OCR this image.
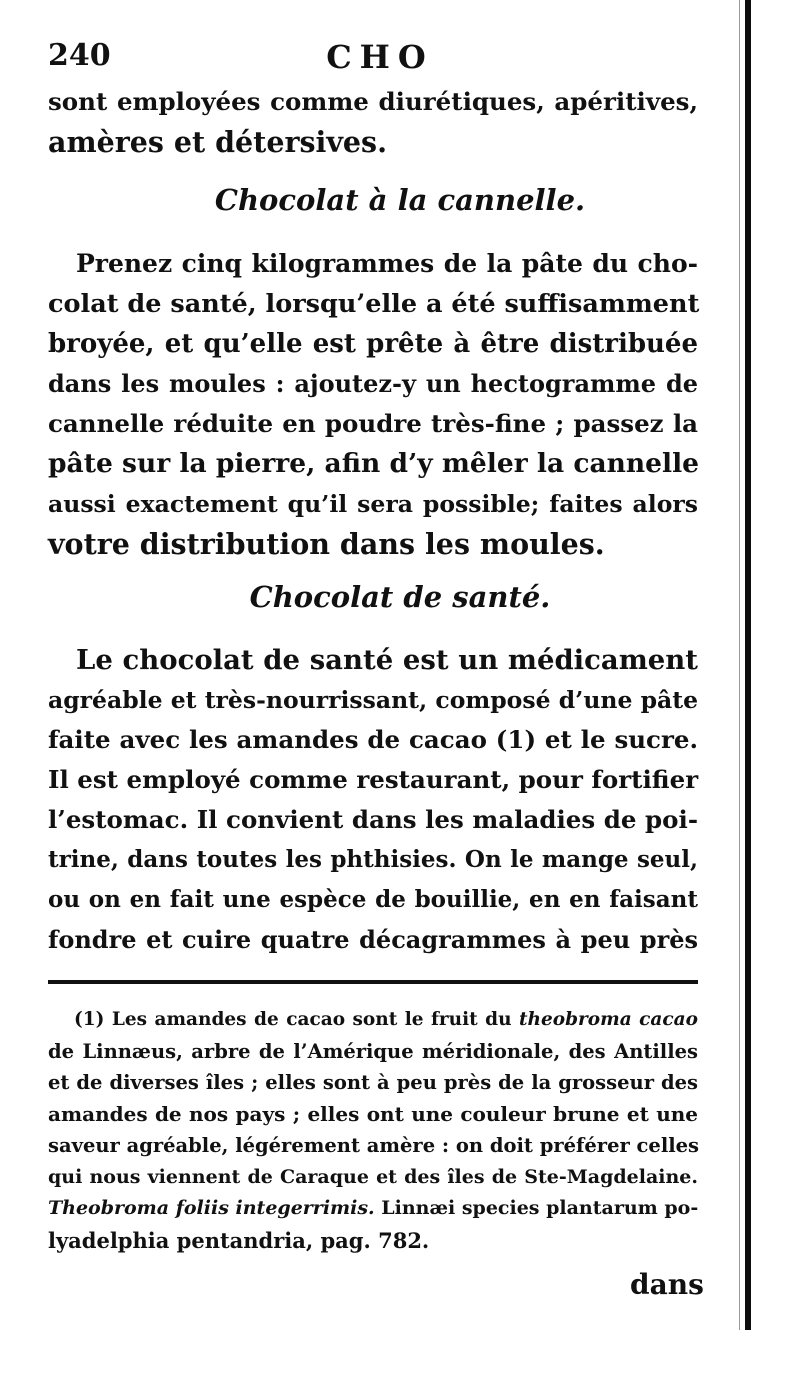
240	CHO
sont employées comme diurétiques, apéritives,
amères et détersives.
Chocolat à la cannelle.
Prenez cinq kilogrammes de la pâte du cho-
colat de santé, lorsqu’elle a été suffisamment
broyée, et qu’elle est prête à être distribuée
dans les moules : ajoutez-y un hectogramme de
cannelle réduite en poudre très-fine ; passez la
pâte sur la pierre, afin d’y mêler la cannelle
aussi exactement qu’il sera possible; faites alors
votre distribution dans les moules.
Chocolat de santé.
Le chocolat de santé est un médicament
agréable et très-nourrissant, composé d’une pâte
faite avec les amandes de cacao (1) et le sucre.
Il est employé comme restaurant, pour fortifier
l’estomac. Il convient dans les maladies de poi-
trine, dans toutes les phthisies. On le mange seul,
ou on en fait une espèce de bouillie, en en faisant
fondre et cuire quatre décagrammes à peu près
(1) Les amandes de cacao sont le fruit du theobroma cacao
de Linnæus, arbre de l’Amérique méridionale, des Antilles
et de diverses îles ; elles sont à peu près de la grosseur des
amandes de nos pays ; elles ont une couleur brune et une
saveur agréable, légérement amère : on doit préférer celles
qui nous viennent de Caraque et des îles de Ste-Magdelaine.
Theobroma foliis integerrimis. Linnæi species plantarum po-
lyadelphia pentandria, pag. 782.
dans
